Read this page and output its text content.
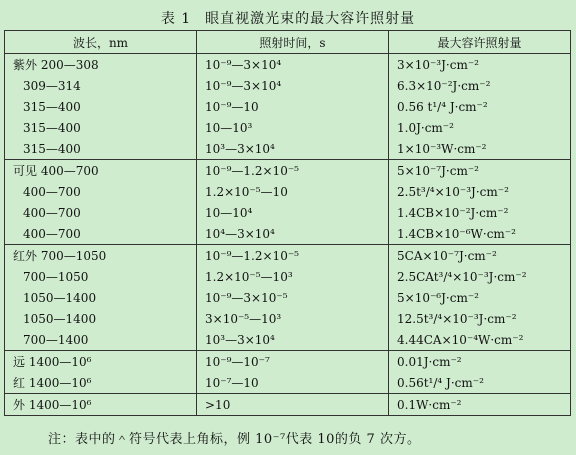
表 1 眼直视激光束的最大容许照射量
波长，nm	照射时间，s	最大容许照射量
紫外 200—308	10⁻⁹—3×10⁴	3×10⁻³J·cm⁻²
309—314	10⁻⁹—3×10⁴	6.3×10⁻²J·cm⁻²
315—400	10⁻⁹—10	0.56 t¹/⁴ J·cm⁻²
315—400	10—10³	1.0J·cm⁻²
315—400	10³—3×10⁴	1×10⁻³W·cm⁻²
可见 400—700	10⁻⁹—1.2×10⁻⁵	5×10⁻⁷J·cm⁻²
400—700	1.2×10⁻⁵—10	2.5t³/⁴×10⁻³J·cm⁻²
400—700	10—10⁴	1.4CB×10⁻²J·cm⁻²
400—700	10⁴—3×10⁴	1.4CB×10⁻⁶W·cm⁻²
红外 700—1050	10⁻⁹—1.2×10⁻⁵	5CA×10⁻⁷J·cm⁻²
700—1050	1.2×10⁻⁵—10³	2.5CAt³/⁴×10⁻³J·cm⁻²
1050—1400	10⁻⁹—3×10⁻⁵	5×10⁻⁶J·cm⁻²
1050—1400	3×10⁻⁵—10³	12.5t³/⁴×10⁻³J·cm⁻²
700—1400	10³—3×10⁴	4.44CA×10⁻⁴W·cm⁻²
远 1400—10⁶	10⁻⁹—10⁻⁷	0.01J·cm⁻²
红 1400—10⁶	10⁻⁷—10	0.56t¹/⁴ J·cm⁻²
外 1400—10⁶	>10	0.1W·cm⁻²
注：表中的＾符号代表上角标，例 10⁻⁷代表 10的负 7 次方。
